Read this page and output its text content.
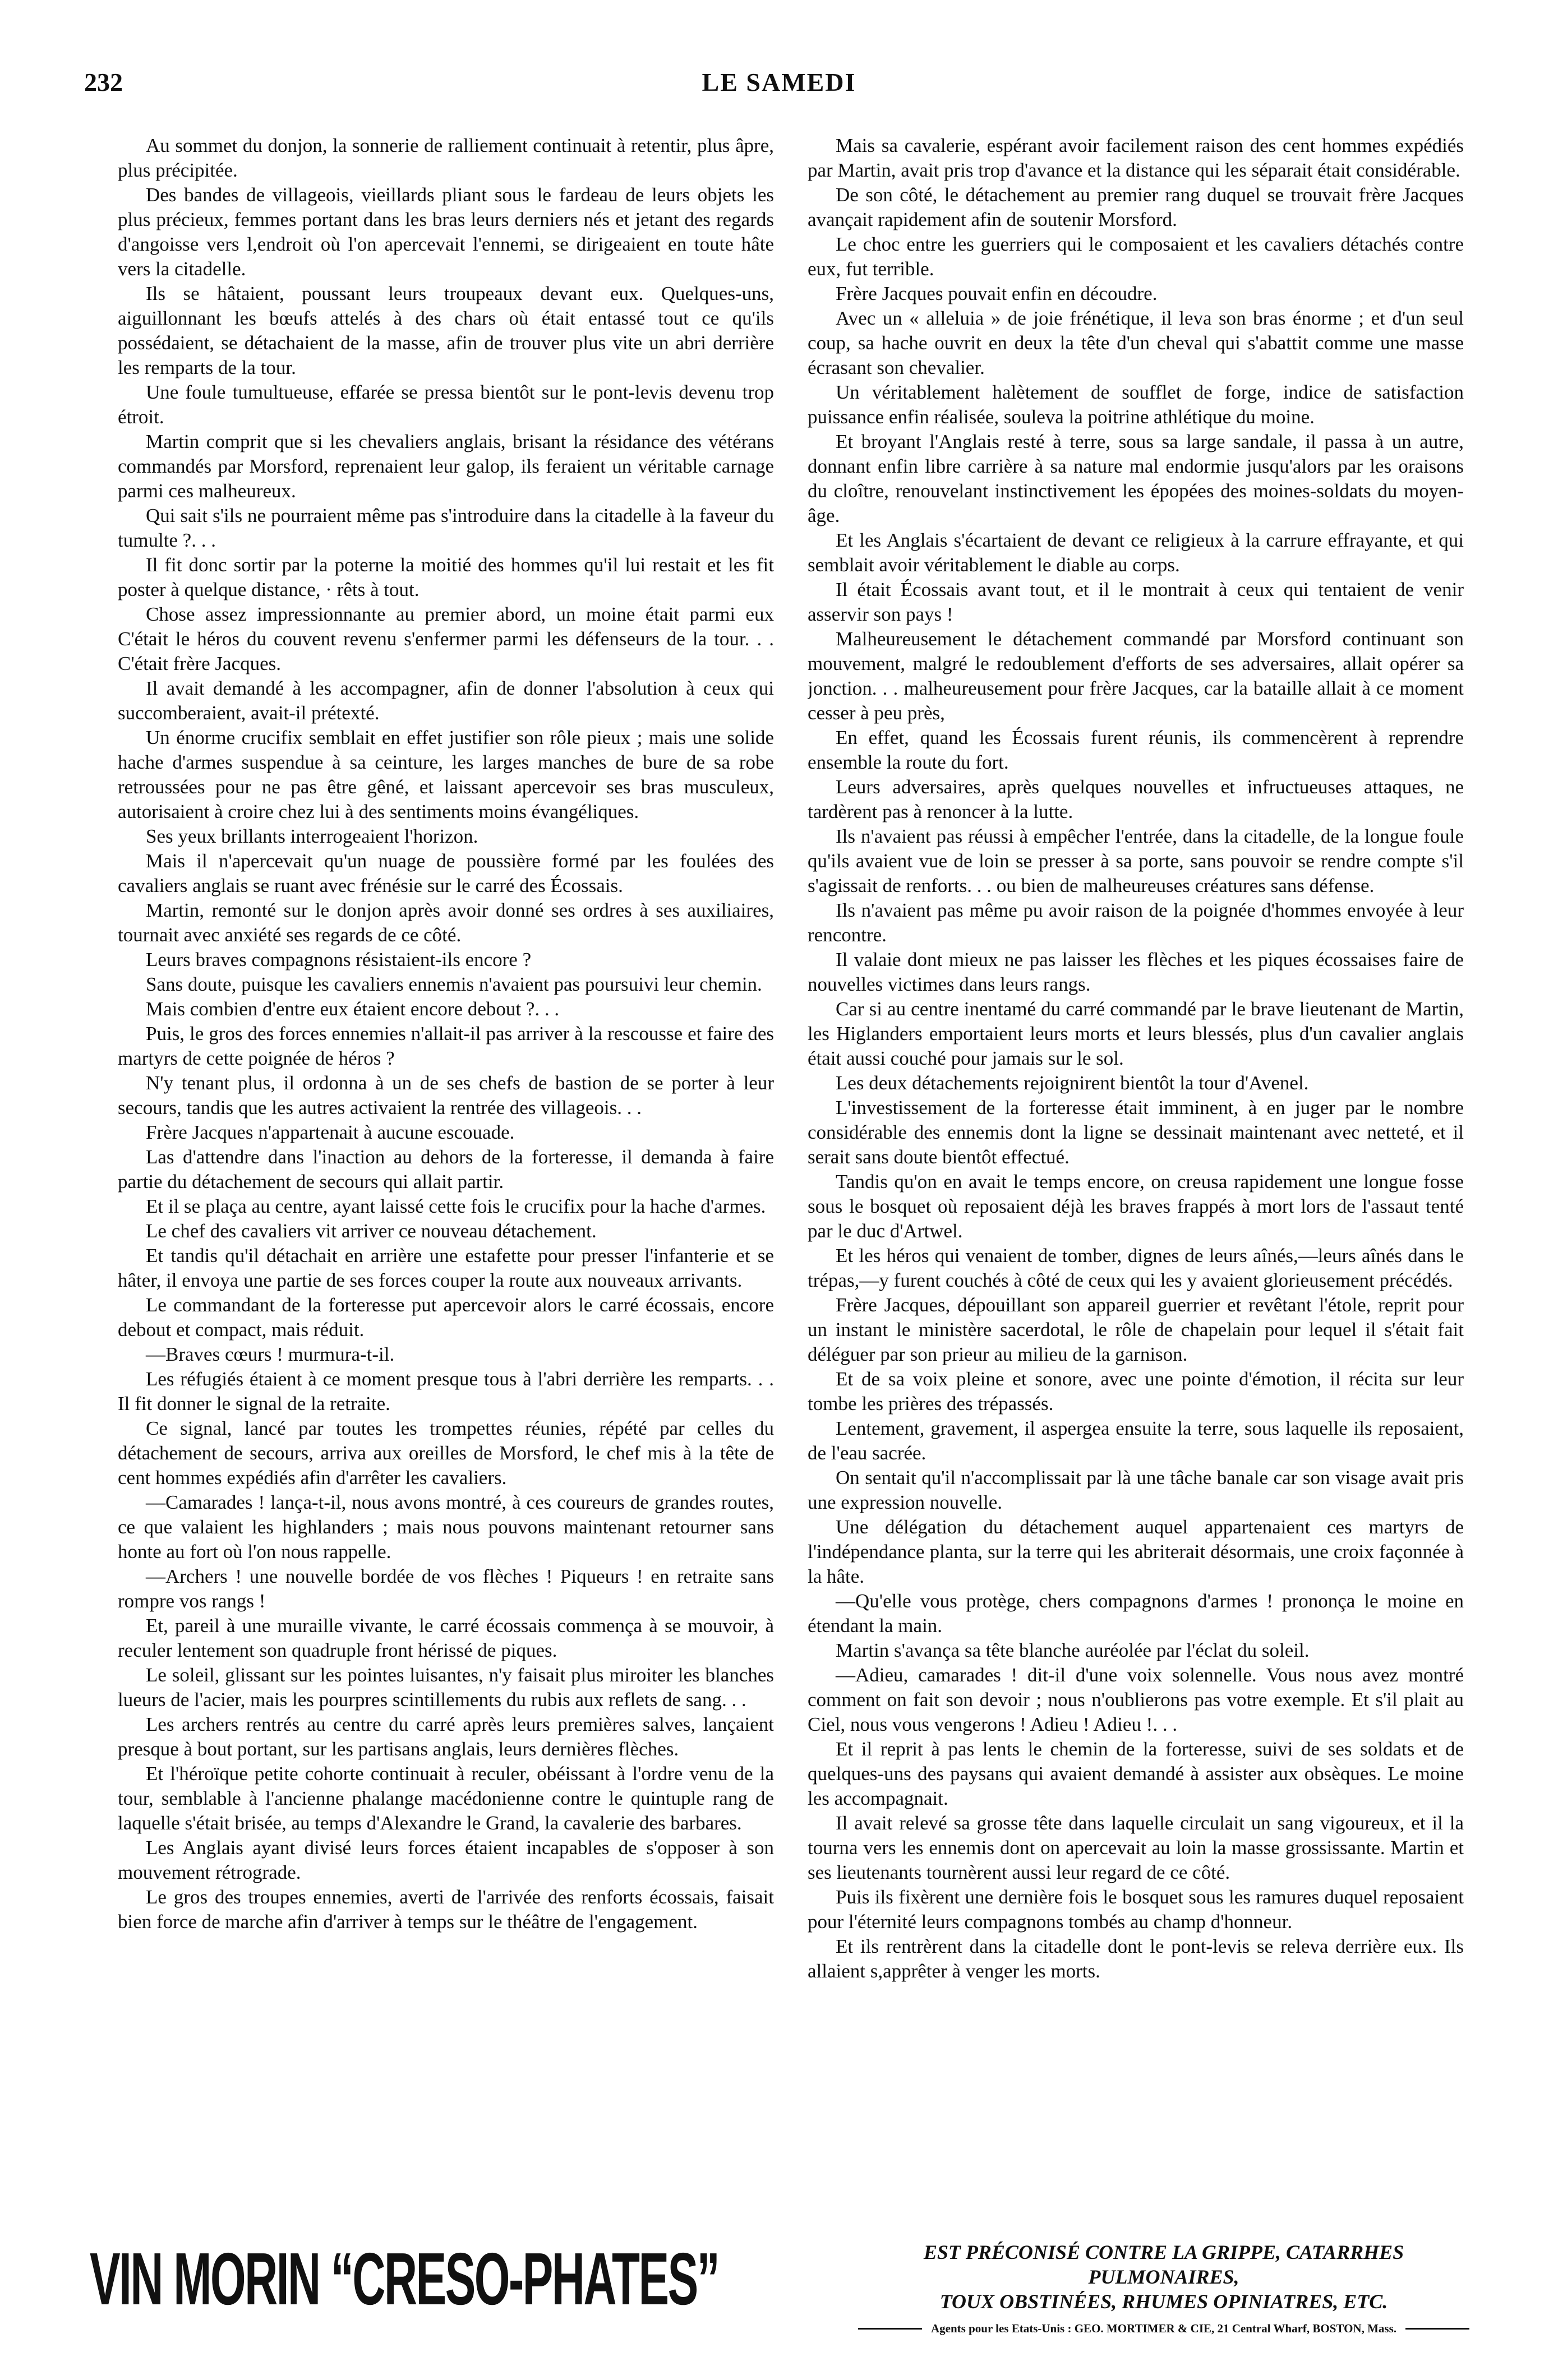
232	LE SAMEDI

Au sommet du donjon, la sonnerie de ralliement continuait à retentir, plus âpre, plus précipitée.

Des bandes de villageois, vieillards pliant sous le fardeau de leurs objets les plus précieux, femmes portant dans les bras leurs derniers nés et jetant des regards d'angoisse vers l,endroit où l'on apercevait l'ennemi, se dirigeaient en toute hâte vers la citadelle.

Ils se hâtaient, poussant leurs troupeaux devant eux. Quelques-uns, aiguillonnant les bœufs attelés à des chars où était entassé tout ce qu'ils possédaient, se détachaient de la masse, afin de trouver plus vite un abri derrière les remparts de la tour.

Une foule tumultueuse, effarée se pressa bientôt sur le pont-levis devenu trop étroit.

Martin comprit que si les chevaliers anglais, brisant la résidance des vétérans commandés par Morsford, reprenaient leur galop, ils feraient un véritable carnage parmi ces malheureux.

Qui sait s'ils ne pourraient même pas s'introduire dans la citadelle à la faveur du tumulte ?. . .

Il fit donc sortir par la poterne la moitié des hommes qu'il lui restait et les fit poster à quelque distance, · rêts à tout.

Chose assez impressionnante au premier abord, un moine était parmi eux C'était le héros du couvent revenu s'enfermer parmi les défenseurs de la tour. . . C'était frère Jacques.

Il avait demandé à les accompagner, afin de donner l'absolution à ceux qui succomberaient, avait-il prétexté.

Un énorme crucifix semblait en effet justifier son rôle pieux ; mais une solide hache d'armes suspendue à sa ceinture, les larges manches de bure de sa robe retroussées pour ne pas être gêné, et laissant apercevoir ses bras musculeux, autorisaient à croire chez lui à des sentiments moins évangéliques.

Ses yeux brillants interrogeaient l'horizon.

Mais il n'apercevait qu'un nuage de poussière formé par les foulées des cavaliers anglais se ruant avec frénésie sur le carré des Écossais.

Martin, remonté sur le donjon après avoir donné ses ordres à ses auxiliaires, tournait avec anxiété ses regards de ce côté.

Leurs braves compagnons résistaient-ils encore ?

Sans doute, puisque les cavaliers ennemis n'avaient pas poursuivi leur chemin.

Mais combien d'entre eux étaient encore debout ?. . .

Puis, le gros des forces ennemies n'allait-il pas arriver à la rescousse et faire des martyrs de cette poignée de héros ?

N'y tenant plus, il ordonna à un de ses chefs de bastion de se porter à leur secours, tandis que les autres activaient la rentrée des villageois. . .

Frère Jacques n'appartenait à aucune escouade.

Las d'attendre dans l'inaction au dehors de la forteresse, il demanda à faire partie du détachement de secours qui allait partir.

Et il se plaça au centre, ayant laissé cette fois le crucifix pour la hache d'armes.

Le chef des cavaliers vit arriver ce nouveau détachement.

Et tandis qu'il détachait en arrière une estafette pour presser l'infanterie et se hâter, il envoya une partie de ses forces couper la route aux nouveaux arrivants.

Le commandant de la forteresse put apercevoir alors le carré écossais, encore debout et compact, mais réduit.

—Braves cœurs ! murmura-t-il.

Les réfugiés étaient à ce moment presque tous à l'abri derrière les remparts. . . Il fit donner le signal de la retraite.

Ce signal, lancé par toutes les trompettes réunies, répété par celles du détachement de secours, arriva aux oreilles de Morsford, le chef mis à la tête de cent hommes expédiés afin d'arrêter les cavaliers.

—Camarades ! lança-t-il, nous avons montré, à ces coureurs de grandes routes, ce que valaient les highlanders ; mais nous pouvons maintenant retourner sans honte au fort où l'on nous rappelle.

—Archers ! une nouvelle bordée de vos flèches ! Piqueurs ! en retraite sans rompre vos rangs !

Et, pareil à une muraille vivante, le carré écossais commença à se mouvoir, à reculer lentement son quadruple front hérissé de piques.

Le soleil, glissant sur les pointes luisantes, n'y faisait plus miroiter les blanches lueurs de l'acier, mais les pourpres scintillements du rubis aux reflets de sang. . .

Les archers rentrés au centre du carré après leurs premières salves, lançaient presque à bout portant, sur les partisans anglais, leurs dernières flèches.

Et l'héroïque petite cohorte continuait à reculer, obéissant à l'ordre venu de la tour, semblable à l'ancienne phalange macédonienne contre le quintuple rang de laquelle s'était brisée, au temps d'Alexandre le Grand, la cavalerie des barbares.

Les Anglais ayant divisé leurs forces étaient incapables de s'opposer à son mouvement rétrograde.

Le gros des troupes ennemies, averti de l'arrivée des renforts écossais, faisait bien force de marche afin d'arriver à temps sur le théâtre de l'engagement.

Mais sa cavalerie, espérant avoir facilement raison des cent hommes expédiés par Martin, avait pris trop d'avance et la distance qui les séparait était considérable.

De son côté, le détachement au premier rang duquel se trouvait frère Jacques avançait rapidement afin de soutenir Morsford.

Le choc entre les guerriers qui le composaient et les cavaliers détachés contre eux, fut terrible.

Frère Jacques pouvait enfin en découdre.

Avec un « alleluia » de joie frénétique, il leva son bras énorme ; et d'un seul coup, sa hache ouvrit en deux la tête d'un cheval qui s'abattit comme une masse écrasant son chevalier.

Un véritablement halètement de soufflet de forge, indice de satisfaction puissance enfin réalisée, souleva la poitrine athlétique du moine.

Et broyant l'Anglais resté à terre, sous sa large sandale, il passa à un autre, donnant enfin libre carrière à sa nature mal endormie jusqu'alors par les oraisons du cloître, renouvelant instinctivement les épopées des moines-soldats du moyen-âge.

Et les Anglais s'écartaient de devant ce religieux à la carrure effrayante, et qui semblait avoir véritablement le diable au corps.

Il était Écossais avant tout, et il le montrait à ceux qui tentaient de venir asservir son pays !

Malheureusement le détachement commandé par Morsford continuant son mouvement, malgré le redoublement d'efforts de ses adversaires, allait opérer sa jonction. . . malheureusement pour frère Jacques, car la bataille allait à ce moment cesser à peu près,

En effet, quand les Écossais furent réunis, ils commencèrent à reprendre ensemble la route du fort.

Leurs adversaires, après quelques nouvelles et infructueuses attaques, ne tardèrent pas à renoncer à la lutte.

Ils n'avaient pas réussi à empêcher l'entrée, dans la citadelle, de la longue foule qu'ils avaient vue de loin se presser à sa porte, sans pouvoir se rendre compte s'il s'agissait de renforts. . . ou bien de malheureuses créatures sans défense.

Ils n'avaient pas même pu avoir raison de la poignée d'hommes envoyée à leur rencontre.

Il valaie dont mieux ne pas laisser les flèches et les piques écossaises faire de nouvelles victimes dans leurs rangs.

Car si au centre inentamé du carré commandé par le brave lieutenant de Martin, les Higlanders emportaient leurs morts et leurs blessés, plus d'un cavalier anglais était aussi couché pour jamais sur le sol.

Les deux détachements rejoignirent bientôt la tour d'Avenel.

L'investissement de la forteresse était imminent, à en juger par le nombre considérable des ennemis dont la ligne se dessinait maintenant avec netteté, et il serait sans doute bientôt effectué.

Tandis qu'on en avait le temps encore, on creusa rapidement une longue fosse sous le bosquet où reposaient déjà les braves frappés à mort lors de l'assaut tenté par le duc d'Artwel.

Et les héros qui venaient de tomber, dignes de leurs aînés,—leurs aînés dans le trépas,—y furent couchés à côté de ceux qui les y avaient glorieusement précédés.

Frère Jacques, dépouillant son appareil guerrier et revêtant l'étole, reprit pour un instant le ministère sacerdotal, le rôle de chapelain pour lequel il s'était fait déléguer par son prieur au milieu de la garnison.

Et de sa voix pleine et sonore, avec une pointe d'émotion, il récita sur leur tombe les prières des trépassés.

Lentement, gravement, il aspergea ensuite la terre, sous laquelle ils reposaient, de l'eau sacrée.

On sentait qu'il n'accomplissait par là une tâche banale car son visage avait pris une expression nouvelle.

Une délégation du détachement auquel appartenaient ces martyrs de l'indépendance planta, sur la terre qui les abriterait désormais, une croix façonnée à la hâte.

—Qu'elle vous protège, chers compagnons d'armes ! prononça le moine en étendant la main.

Martin s'avança sa tête blanche auréolée par l'éclat du soleil.

—Adieu, camarades ! dit-il d'une voix solennelle. Vous nous avez montré comment on fait son devoir ; nous n'oublierons pas votre exemple. Et s'il plait au Ciel, nous vous vengerons ! Adieu ! Adieu !. . .

Et il reprit à pas lents le chemin de la forteresse, suivi de ses soldats et de quelques-uns des paysans qui avaient demandé à assister aux obsèques. Le moine les accompagnait.

Il avait relevé sa grosse tête dans laquelle circulait un sang vigoureux, et il la tourna vers les ennemis dont on apercevait au loin la masse grossissante. Martin et ses lieutenants tournèrent aussi leur regard de ce côté.

Puis ils fixèrent une dernière fois le bosquet sous les ramures duquel reposaient pour l'éternité leurs compagnons tombés au champ d'honneur.

Et ils rentrèrent dans la citadelle dont le pont-levis se releva derrière eux. Ils allaient s,apprêter à venger les morts.

VIN MORIN “CRESO-PHATES”	EST PRÉCONISÉ CONTRE LA GRIPPE, CATARRHES PULMONAIRES,
TOUX OBSTINÉES, RHUMES OPINIATRES, ETC.
Agents pour les Etats-Unis : GEO. MORTIMER & CIE, 21 Central Wharf, BOSTON, Mass.
